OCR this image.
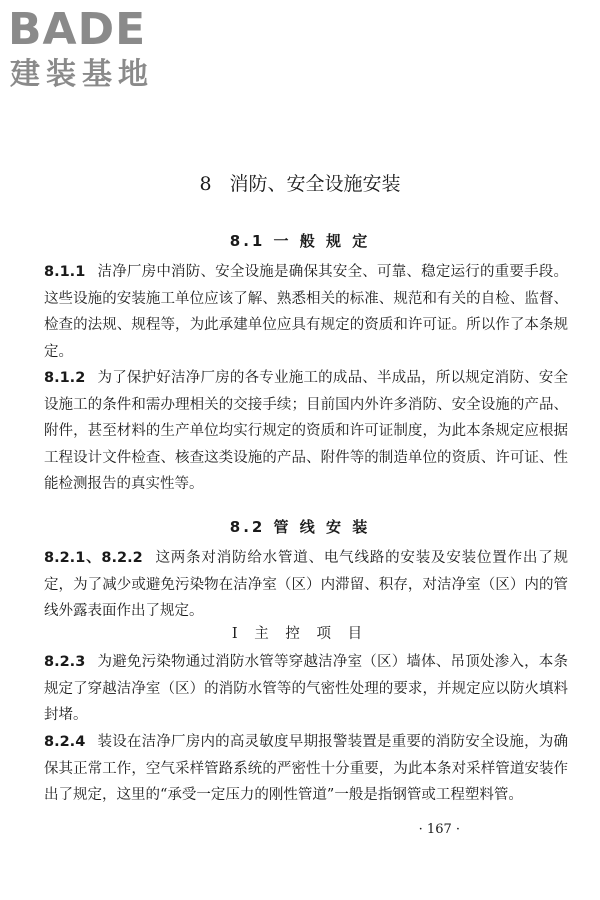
BADE
建装基地
8 消防、安全设施安装
8.1 一 般 规 定
8.1.1 洁净厂房中消防、安全设施是确保其安全、可靠、稳定运行的重要手段。这些设施的安装施工单位应该了解、熟悉相关的标准、规范和有关的自检、监督、检查的法规、规程等，为此承建单位应具有规定的资质和许可证。所以作了本条规定。
8.1.2 为了保护好洁净厂房的各专业施工的成品、半成品，所以规定消防、安全设施工的条件和需办理相关的交接手续；目前国内外许多消防、安全设施的产品、附件，甚至材料的生产单位均实行规定的资质和许可证制度，为此本条规定应根据工程设计文件检查、核查这类设施的产品、附件等的制造单位的资质、许可证、性能检测报告的真实性等。
8.2 管 线 安 装
8.2.1、8.2.2 这两条对消防给水管道、电气线路的安装及安装位置作出了规定，为了减少或避免污染物在洁净室（区）内滞留、积存，对洁净室（区）内的管线外露表面作出了规定。
Ⅰ 主 控 项 目
8.2.3 为避免污染物通过消防水管等穿越洁净室（区）墙体、吊顶处渗入，本条规定了穿越洁净室（区）的消防水管等的气密性处理的要求，并规定应以防火填料封堵。
8.2.4 装设在洁净厂房内的高灵敏度早期报警装置是重要的消防安全设施，为确保其正常工作，空气采样管路系统的严密性十分重要，为此本条对采样管道安装作出了规定，这里的“承受一定压力的刚性管道”一般是指钢管或工程塑料管。
· 167 ·
